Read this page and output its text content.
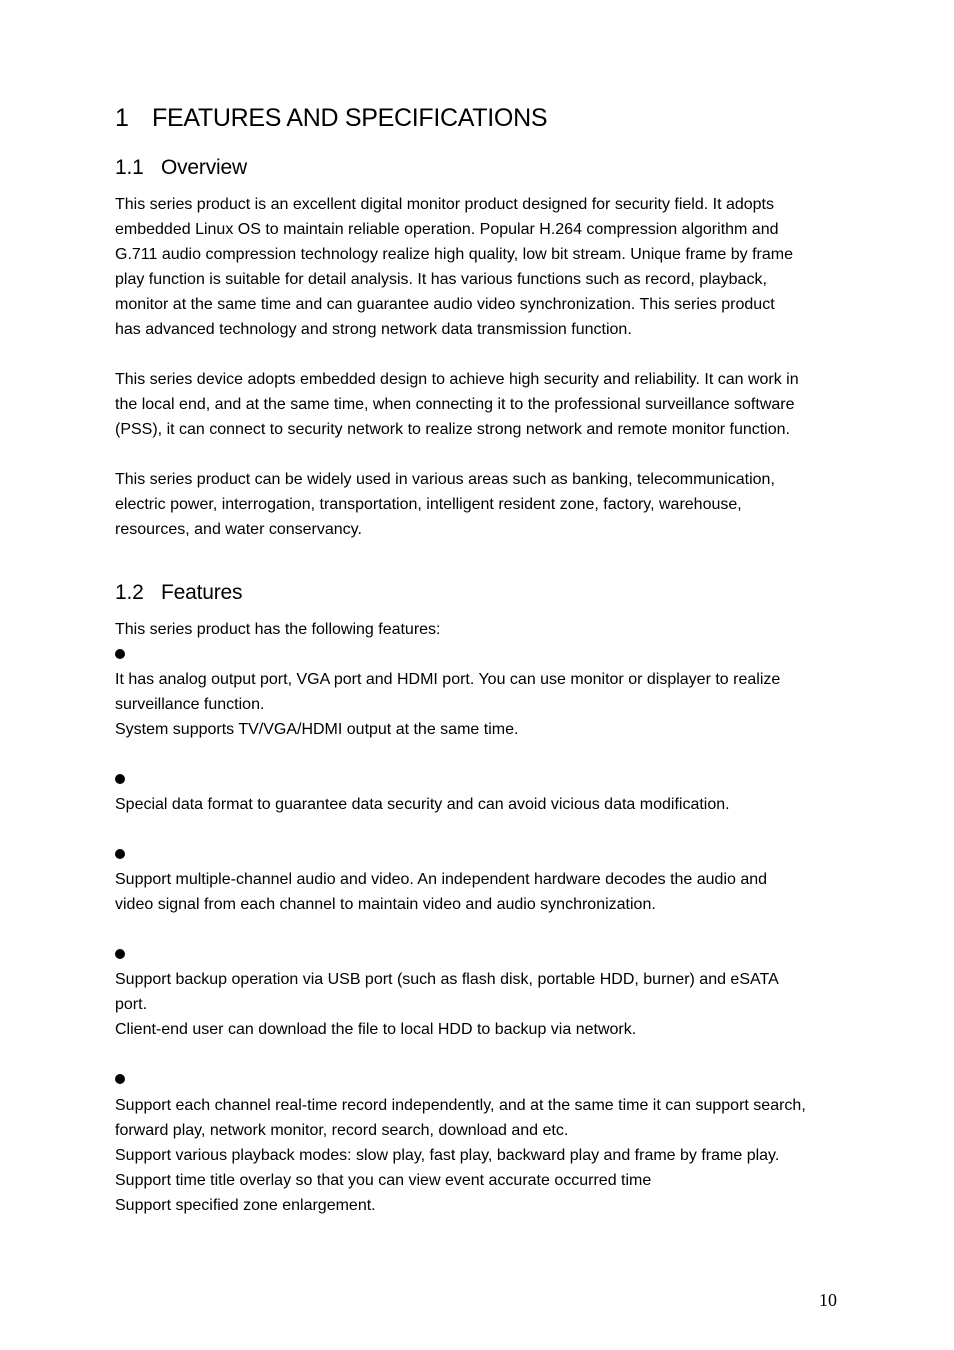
1 FEATURES AND SPECIFICATIONS
1.1 Overview
This series product is an excellent digital monitor product designed for security field. It adopts
embedded Linux OS to maintain reliable operation. Popular H.264 compression algorithm and
G.711 audio compression technology realize high quality, low bit stream. Unique frame by frame
play function is suitable for detail analysis. It has various functions such as record, playback,
monitor at the same time and can guarantee audio video synchronization. This series product
has advanced technology and strong network data transmission function.
This series device adopts embedded design to achieve high security and reliability. It can work in
the local end, and at the same time, when connecting it to the professional surveillance software
(PSS), it can connect to security network to realize strong network and remote monitor function.
This series product can be widely used in various areas such as banking, telecommunication,
electric power, interrogation, transportation, intelligent resident zone, factory, warehouse,
resources, and water conservancy.
1.2 Features
This series product has the following features:
It has analog output port, VGA port and HDMI port. You can use monitor or displayer to realize
surveillance function.
System supports TV/VGA/HDMI output at the same time.
Special data format to guarantee data security and can avoid vicious data modification.
Support multiple-channel audio and video. An independent hardware decodes the audio and
video signal from each channel to maintain video and audio synchronization.
Support backup operation via USB port (such as flash disk, portable HDD, burner) and eSATA
port.
Client-end user can download the file to local HDD to backup via network.
Support each channel real-time record independently, and at the same time it can support search,
forward play, network monitor, record search, download and etc.
Support various playback modes: slow play, fast play, backward play and frame by frame play.
Support time title overlay so that you can view event accurate occurred time
Support specified zone enlargement.
10
